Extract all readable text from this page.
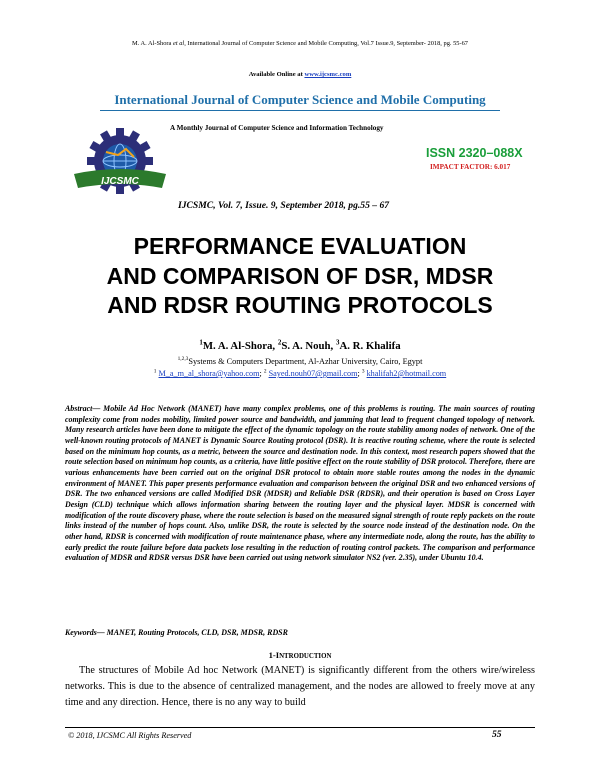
M. A. Al-Shora et al, International Journal of Computer Science and Mobile Computing, Vol.7 Issue.9, September- 2018, pg. 55-67
Available Online at www.ijcsmc.com
International Journal of Computer Science and Mobile Computing
IJCSMC
A Monthly Journal of Computer Science and Information Technology
ISSN 2320–088X
IMPACT FACTOR: 6.017
IJCSMC, Vol. 7, Issue. 9, September 2018, pg.55 – 67
PERFORMANCE EVALUATION
AND COMPARISON OF DSR, MDSR
AND RDSR ROUTING PROTOCOLS
$^1$M. A. Al-Shora, $^2$S. A. Nouh, $^3$A. R. Khalifa
$^{1,2,3}$Systems & Computers Department, Al-Azhar University, Cairo, Egypt
$^1$ M_a_m_al_shora@yahoo.com; $^2$ Sayed.nouh07@gmail.com; $^3$ khalifah2@hotmail.com
Abstract— Mobile Ad Hoc Network (MANET) have many complex problems, one of this problems is routing. The main sources of routing complexity come from nodes mobility, limited power source and bandwidth, and jamming that lead to frequent changed topology of network. Many research articles have been done to mitigate the effect of the dynamic topology on the route stability among nodes of network. One of the well-known routing protocols of MANET is Dynamic Source Routing protocol (DSR). It is reactive routing scheme, where the route is selected based on the minimum hop counts, as a metric, between the source and destination node. In this context, most research papers showed that the route selection based on minimum hop counts, as a criteria, have little positive effect on the route stability of DSR protocol. Therefore, there are various enhancements have been carried out on the original DSR protocol to obtain more stable routes among the nodes in the dynamic environment of MANET. This paper presents performance evaluation and comparison between the original DSR and two enhanced versions of DSR. The two enhanced versions are called Modified DSR (MDSR) and Reliable DSR (RDSR), and their operation is based on Cross Layer Design (CLD) technique which allows information sharing between the routing layer and the physical layer. MDSR is concerned with modification of the route discovery phase, where the route selection is based on the measured signal strength of route reply packets on the route links instead of the number of hops count. Also, unlike DSR, the route is selected by the source node instead of the destination node. On the other hand, RDSR is concerned with modification of route maintenance phase, where any intermediate node, along the route, has the ability to early predict the route failure before data packets lose resulting in the reduction of routing control packets. The comparison and performance evaluation of MDSR and RDSR versus DSR have been carried out using network simulator NS2 (ver. 2.35), under Ubuntu 10.4.
Keywords— MANET, Routing Protocols, CLD, DSR, MDSR, RDSR
1-INTRODUCTION
The structures of Mobile Ad hoc Network (MANET) is significantly different from the others wire/wireless networks. This is due to the absence of centralized management, and the nodes are allowed to freely move at any time and any direction. Hence, there is no any way to build
© 2018, IJCSMC All Rights Reserved	55
